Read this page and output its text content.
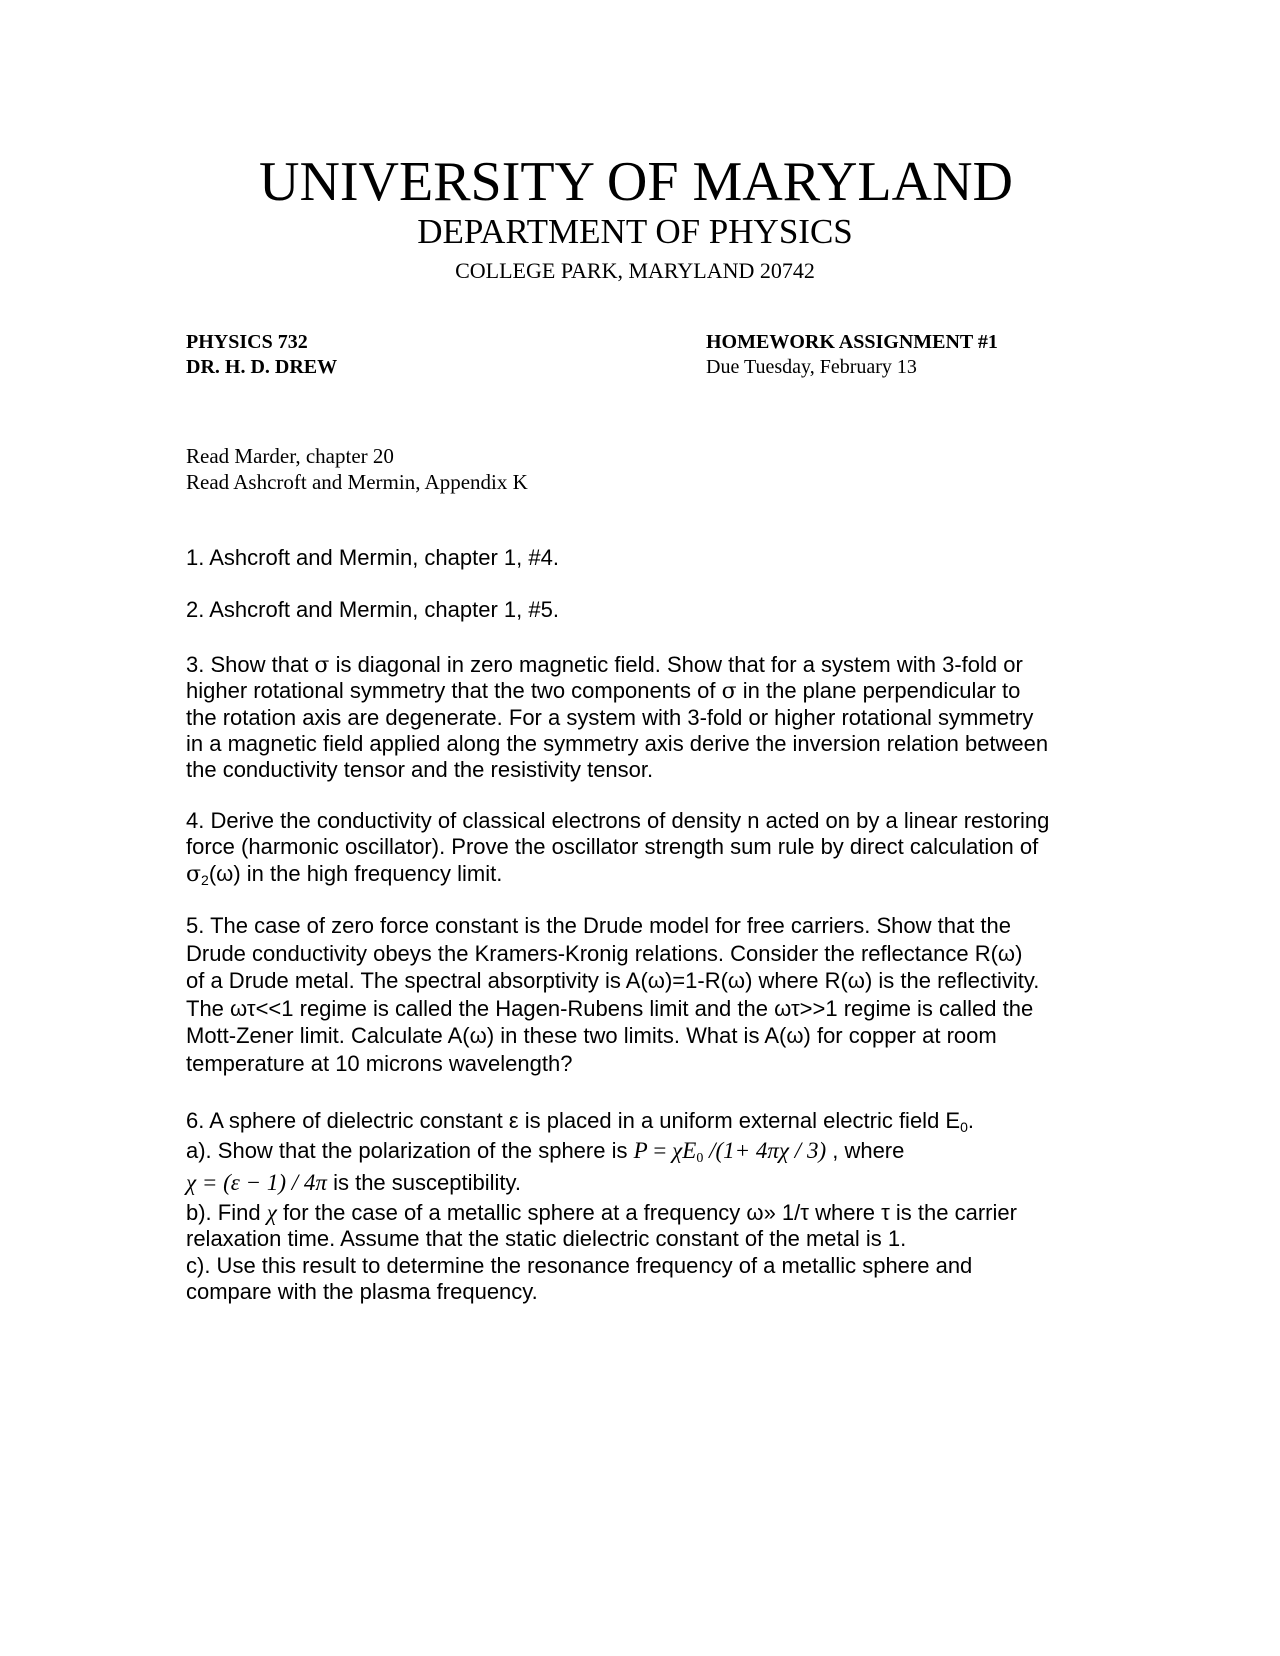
UNIVERSITY OF MARYLAND
DEPARTMENT OF PHYSICS
COLLEGE PARK, MARYLAND 20742
PHYSICS 732
DR. H. D. DREW
HOMEWORK ASSIGNMENT #1
Due Tuesday, February 13
Read Marder, chapter 20
Read Ashcroft and Mermin, Appendix K
1. Ashcroft and Mermin, chapter 1, #4.
2. Ashcroft and Mermin, chapter 1, #5.
3. Show that σ is diagonal in zero magnetic field. Show that for a system with 3-fold or
higher rotational symmetry that the two components of σ in the plane perpendicular to
the rotation axis are degenerate. For a system with 3-fold or higher rotational symmetry
in a magnetic field applied along the symmetry axis derive the inversion relation between
the conductivity tensor and the resistivity tensor.
4. Derive the conductivity of classical electrons of density n acted on by a linear restoring
force (harmonic oscillator). Prove the oscillator strength sum rule by direct calculation of
$\sigma_2(\omega)$ in the high frequency limit.
5. The case of zero force constant is the Drude model for free carriers. Show that the
Drude conductivity obeys the Kramers-Kronig relations. Consider the reflectance R(ω)
of a Drude metal. The spectral absorptivity is A(ω)=1-R(ω) where R(ω) is the reflectivity.
The ωτ<<1 regime is called the Hagen-Rubens limit and the ωτ>>1 regime is called the
Mott-Zener limit. Calculate A(ω) in these two limits. What is A(ω) for copper at room
temperature at 10 microns wavelength?
6. A sphere of dielectric constant ε is placed in a uniform external electric field $E_0$.
a). Show that the polarization of the sphere is $P = \chi E_0$ /(1+ 4πχ / 3) , where
χ = (ε − 1) / 4π is the susceptibility.
b). Find χ for the case of a metallic sphere at a frequency ω» 1/τ where τ is the carrier
relaxation time. Assume that the static dielectric constant of the metal is 1.
c). Use this result to determine the resonance frequency of a metallic sphere and
compare with the plasma frequency.
